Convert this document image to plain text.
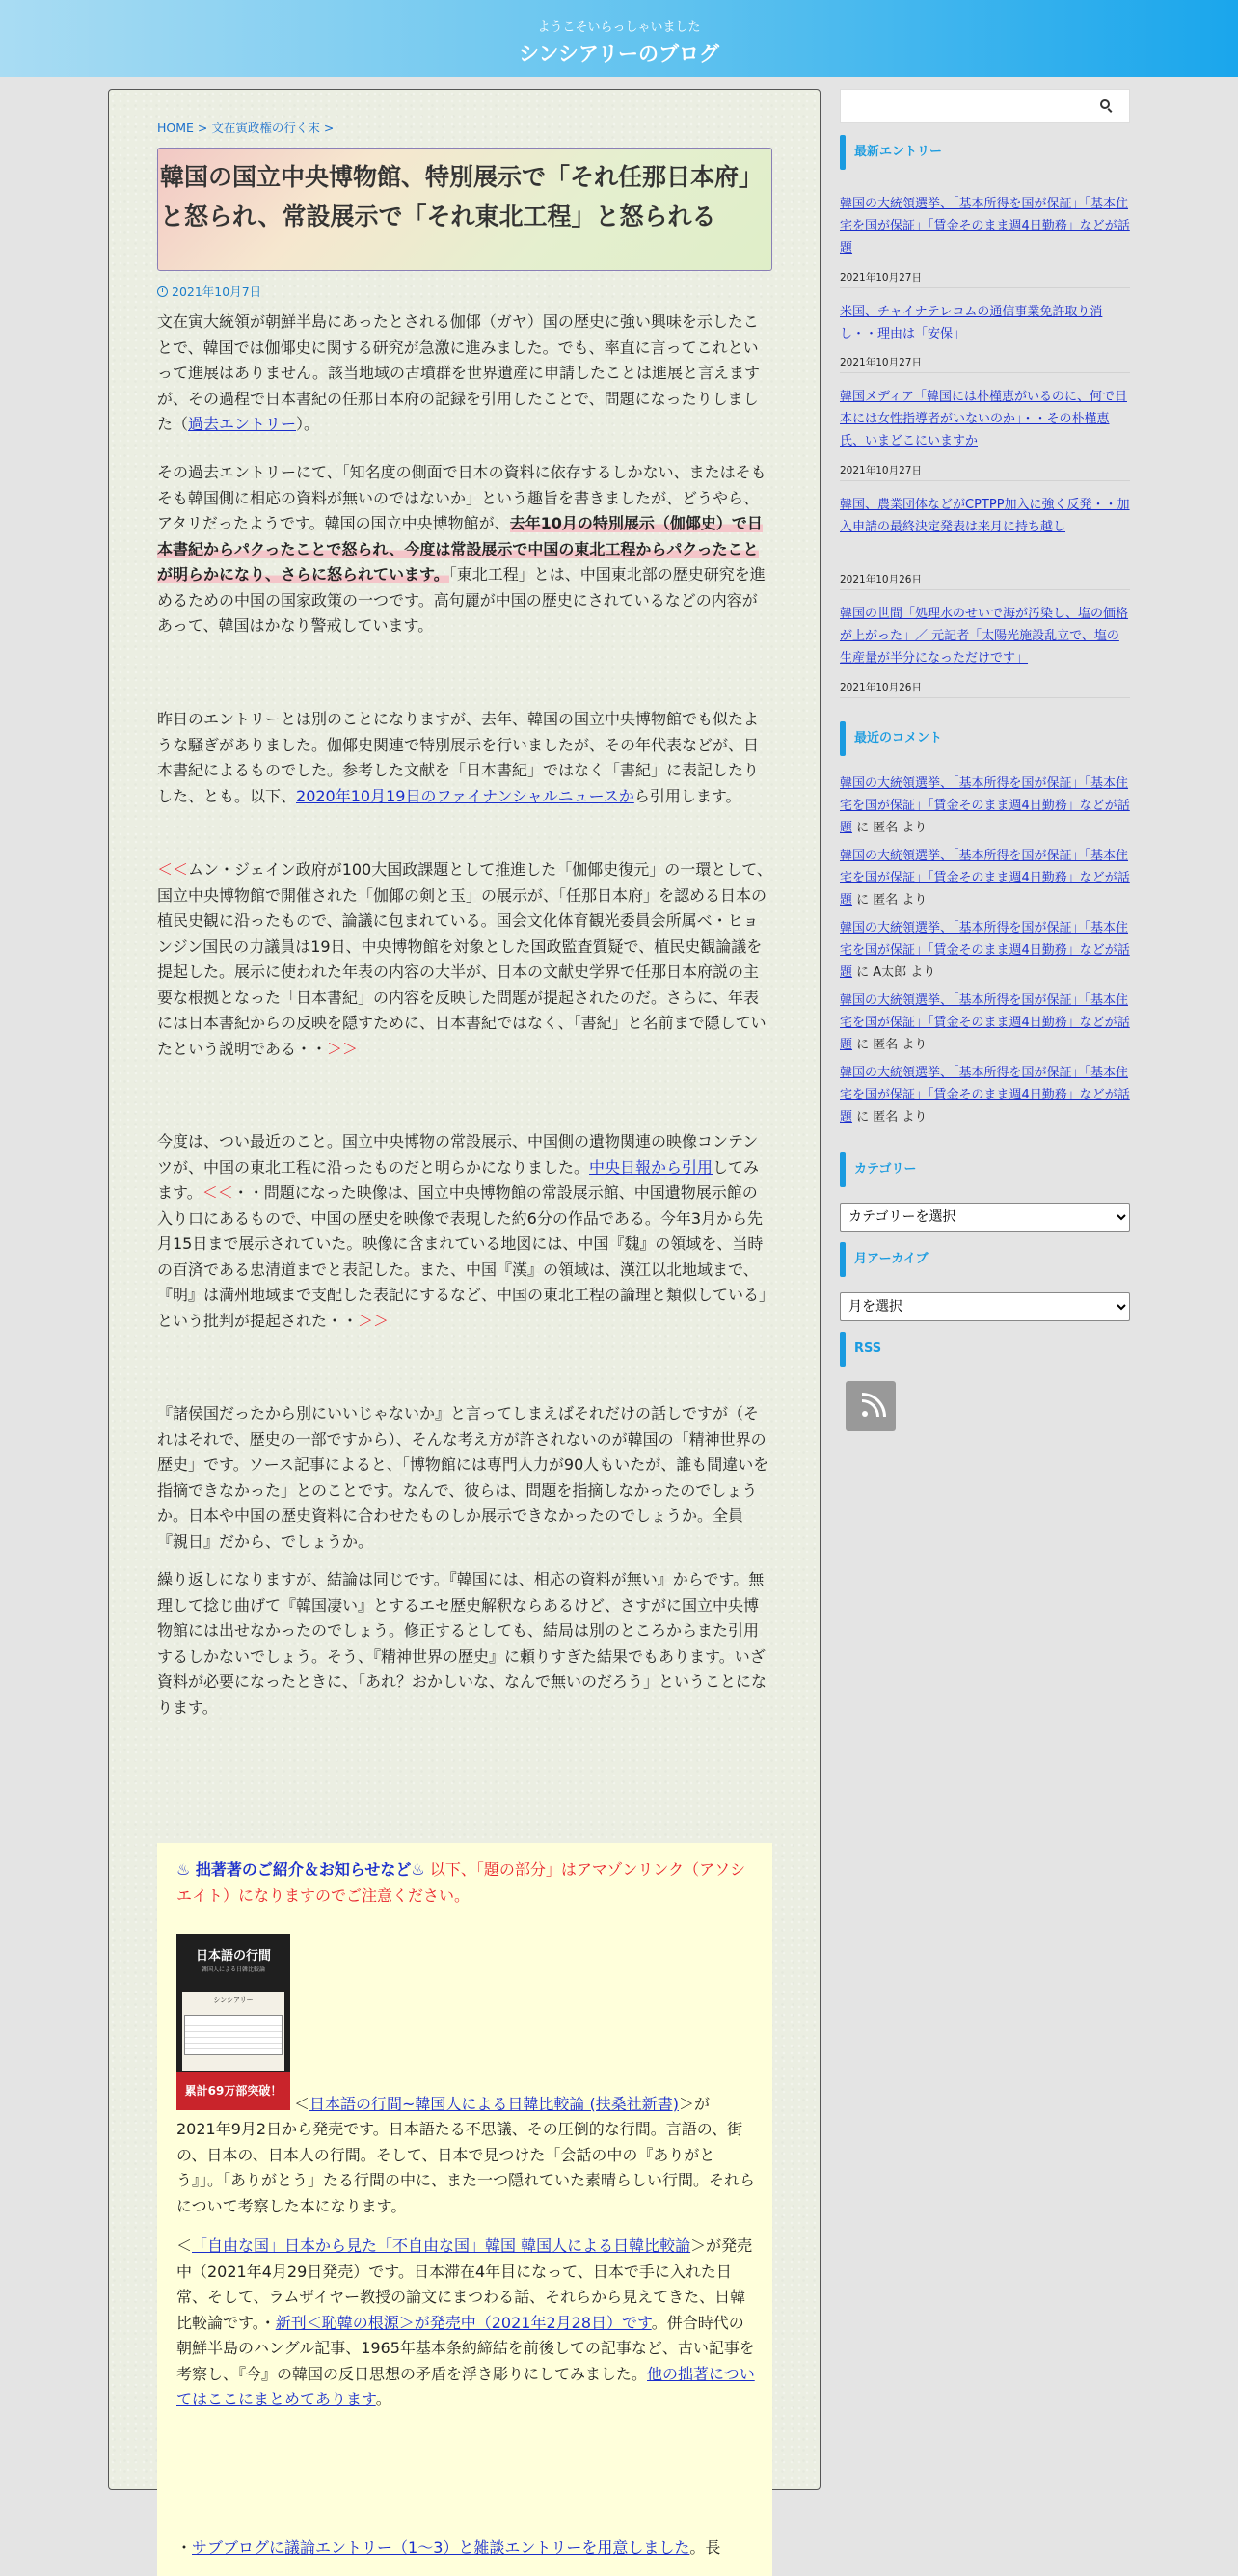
ようこそいらっしゃいました
シンシアリーのブログ
HOME > 文在寅政権の行く末 >
韓国の国立中央博物館、特別展示で「それ任那日本府」と怒られ、常設展示で「それ東北工程」と怒られる
2021年10月7日
文在寅大統領が朝鮮半島にあったとされる伽倻（ガヤ）国の歴史に強い興味を示したことで、韓国では伽倻史に関する研究が急激に進みました。でも、率直に言ってこれといって進展はありません。該当地域の古墳群を世界遺産に申請したことは進展と言えますが、その過程で日本書紀の任那日本府の記録を引用したことで、問題になったりしました（過去エントリー）。
その過去エントリーにて、「知名度の側面で日本の資料に依存するしかない、またはそもそも韓国側に相応の資料が無いのではないか」という趣旨を書きましたが、どうやら、アタリだったようです。韓国の国立中央博物館が、去年10月の特別展示（伽倻史）で日本書紀からパクったことで怒られ、今度は常設展示で中国の東北工程からパクったことが明らかになり、さらに怒られています。「東北工程」とは、中国東北部の歴史研究を進めるための中国の国家政策の一つです。高句麗が中国の歴史にされているなどの内容があって、韓国はかなり警戒しています。
昨日のエントリーとは別のことになりますが、去年、韓国の国立中央博物館でも似たような騒ぎがありました。伽倻史関連で特別展示を行いましたが、その年代表などが、日本書紀によるものでした。参考した文献を「日本書紀」ではなく「書紀」に表記したりした、とも。以下、2020年10月19日のファイナンシャルニュースから引用します。
＜＜ムン・ジェイン政府が100大国政課題として推進した「伽倻史復元」の一環として、国立中央博物館で開催された「伽倻の剣と玉」の展示が、「任那日本府」を認める日本の植民史観に沿ったもので、論議に包まれている。国会文化体育観光委員会所属ベ・ヒョンジン国民の力議員は19日、中央博物館を対象とした国政監査質疑で、植民史観論議を提起した。展示に使われた年表の内容の大半が、日本の文献史学界で任那日本府説の主要な根拠となった「日本書紀」の内容を反映した問題が提起されたのだ。さらに、年表には日本書紀からの反映を隠すために、日本書紀ではなく、「書紀」と名前まで隠していたという説明である・・＞＞
今度は、つい最近のこと。国立中央博物の常設展示、中国側の遺物関連の映像コンテンツが、中国の東北工程に沿ったものだと明らかになりました。中央日報から引用してみます。＜＜・・問題になった映像は、国立中央博物館の常設展示館、中国遺物展示館の入り口にあるもので、中国の歴史を映像で表現した約6分の作品である。今年3月から先月15日まで展示されていた。映像に含まれている地図には、中国『魏』の領域を、当時の百済である忠清道までと表記した。また、中国『漢』の領域は、漢江以北地域まで、『明』は満州地域まで支配した表記にするなど、中国の東北工程の論理と類似している」という批判が提起された・・＞＞
『諸侯国だったから別にいいじゃないか』と言ってしまえばそれだけの話しですが（それはそれで、歴史の一部ですから）、そんな考え方が許されないのが韓国の「精神世界の歴史」です。ソース記事によると、「博物館には専門人力が90人もいたが、誰も間違いを指摘できなかった」とのことです。なんで、彼らは、問題を指摘しなかったのでしょうか。日本や中国の歴史資料に合わせたものしか展示できなかったのでしょうか。全員『親日』だから、でしょうか。
繰り返しになりますが、結論は同じです。『韓国には、相応の資料が無い』からです。無理して捻じ曲げて『韓国凄い』とするエセ歴史解釈ならあるけど、さすがに国立中央博物館には出せなかったのでしょう。修正するとしても、結局は別のところからまた引用するしかないでしょう。そう、『精神世界の歴史』に頼りすぎた結果でもあります。いざ資料が必要になったときに、「あれ？おかしいな、なんで無いのだろう」ということになります。
♨ 拙著著のご紹介＆お知らせなど♨ 以下、「題の部分」はアマゾンリンク（アソシエイト）になりますのでご注意ください。
日本語の行間
韓国人による日韓比較論
シンシアリー
累計69万部突破！
＜日本語の行間~韓国人による日韓比較論 (扶桑社新書)＞が
2021年9月2日から発売です。日本語たる不思議、その圧倒的な行間。言語の、街の、日本の、日本人の行間。そして、日本で見つけた「会話の中の『ありがとう』」。「ありがとう」たる行間の中に、また一つ隠れていた素晴らしい行間。それらについて考察した本になります。
＜「自由な国」日本から見た「不自由な国」韓国 韓国人による日韓比較論＞が発売中（2021年4月29日発売）です。日本滞在4年目になって、日本で手に入れた日常、そして、ラムザイヤー教授の論文にまつわる話、それらから見えてきた、日韓比較論です。・新刊＜恥韓の根源＞が発売中（2021年2月28日）です。併合時代の朝鮮半島のハングル記事、1965年基本条約締結を前後しての記事など、古い記事を考察し、『今』の韓国の反日思想の矛盾を浮き彫りにしてみました。他の拙著についてはここにまとめてあります。
・サブブログに議論エントリー（1～3）と雑談エントリーを用意しました。長
最新エントリー
韓国の大統領選挙、「基本所得を国が保証」「基本住宅を国が保証」「賃金そのまま週4日勤務」などが話題
2021年10月27日
米国、チャイナテレコムの通信事業免許取り消し・・理由は「安保」
2021年10月27日
韓国メディア「韓国には朴槿恵がいるのに、何で日本には女性指導者がいないのか」・・その朴槿恵氏、いまどこにいますか
2021年10月27日
韓国、農業団体などがCPTPP加入に強く反発・・加入申請の最終決定発表は来月に持ち越し
2021年10月26日
韓国の世間「処理水のせいで海が汚染し、塩の価格が上がった」／ 元記者「太陽光施設乱立で、塩の生産量が半分になっただけです」
2021年10月26日
最近のコメント
韓国の大統領選挙、「基本所得を国が保証」「基本住宅を国が保証」「賃金そのまま週4日勤務」などが話題 に 匿名 より
韓国の大統領選挙、「基本所得を国が保証」「基本住宅を国が保証」「賃金そのまま週4日勤務」などが話題 に 匿名 より
韓国の大統領選挙、「基本所得を国が保証」「基本住宅を国が保証」「賃金そのまま週4日勤務」などが話題 に A太郎 より
韓国の大統領選挙、「基本所得を国が保証」「基本住宅を国が保証」「賃金そのまま週4日勤務」などが話題 に 匿名 より
韓国の大統領選挙、「基本所得を国が保証」「基本住宅を国が保証」「賃金そのまま週4日勤務」などが話題 に 匿名 より
カテゴリー
カテゴリーを選択
月アーカイブ
月を選択
RSS
